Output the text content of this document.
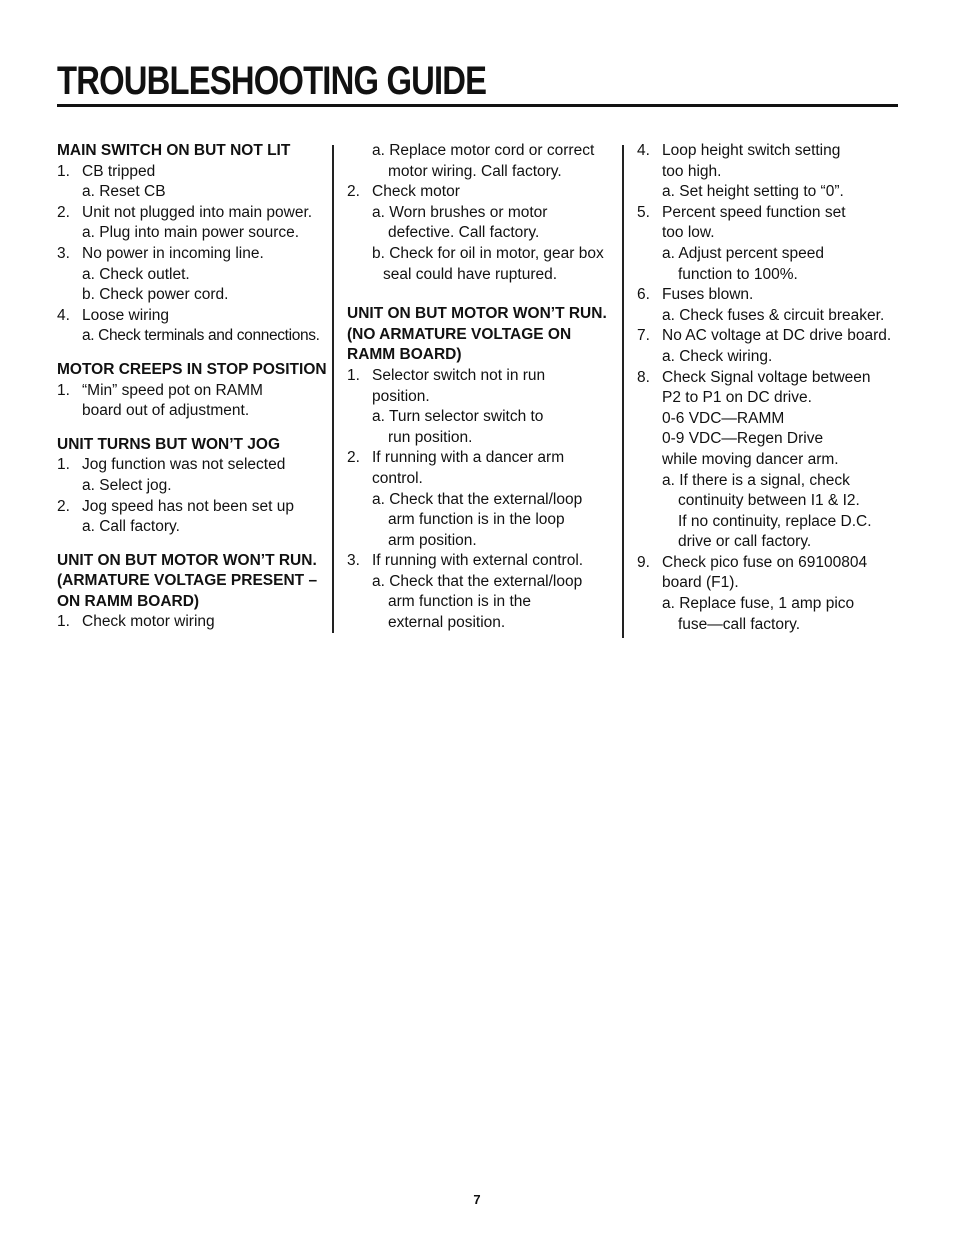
TROUBLESHOOTING GUIDE
MAIN SWITCH ON BUT NOT LIT
1. CB tripped
a. Reset CB
2. Unit not plugged into main power.
a. Plug into main power source.
3. No power in incoming line.
a. Check outlet.
b. Check power cord.
4. Loose wiring
a. Check terminals and connections.
MOTOR CREEPS IN STOP POSITION
1. “Min” speed pot on RAMM
board out of adjustment.
UNIT TURNS BUT WON’T JOG
1. Jog function was not selected
a. Select jog.
2. Jog speed has not been set up
a. Call factory.
UNIT ON BUT MOTOR WON’T RUN.
(ARMATURE VOLTAGE PRESENT –
ON RAMM BOARD)
1. Check motor wiring
a. Replace motor cord or correct
motor wiring. Call factory.
2. Check motor
a. Worn brushes or motor
defective. Call factory.
b. Check for oil in motor, gear box
seal could have ruptured.
UNIT ON BUT MOTOR WON’T RUN.
(NO ARMATURE VOLTAGE ON
RAMM BOARD)
1. Selector switch not in run
position.
a. Turn selector switch to
run position.
2. If running with a dancer arm
control.
a. Check that the external/loop
arm function is in the loop
arm position.
3. If running with external control.
a. Check that the external/loop
arm function is in the
external position.
4. Loop height switch setting
too high.
a. Set height setting to “0”.
5. Percent speed function set
too low.
a. Adjust percent speed
function to 100%.
6. Fuses blown.
a. Check fuses & circuit breaker.
7. No AC voltage at DC drive board.
a. Check wiring.
8. Check Signal voltage between
P2 to P1 on DC drive.
0-6 VDC—RAMM
0-9 VDC—Regen Drive
while moving dancer arm.
a. If there is a signal, check
continuity between I1 & I2.
If no continuity, replace D.C.
drive or call factory.
9. Check pico fuse on 69100804
board (F1).
a. Replace fuse, 1 amp pico
fuse—call factory.
7
